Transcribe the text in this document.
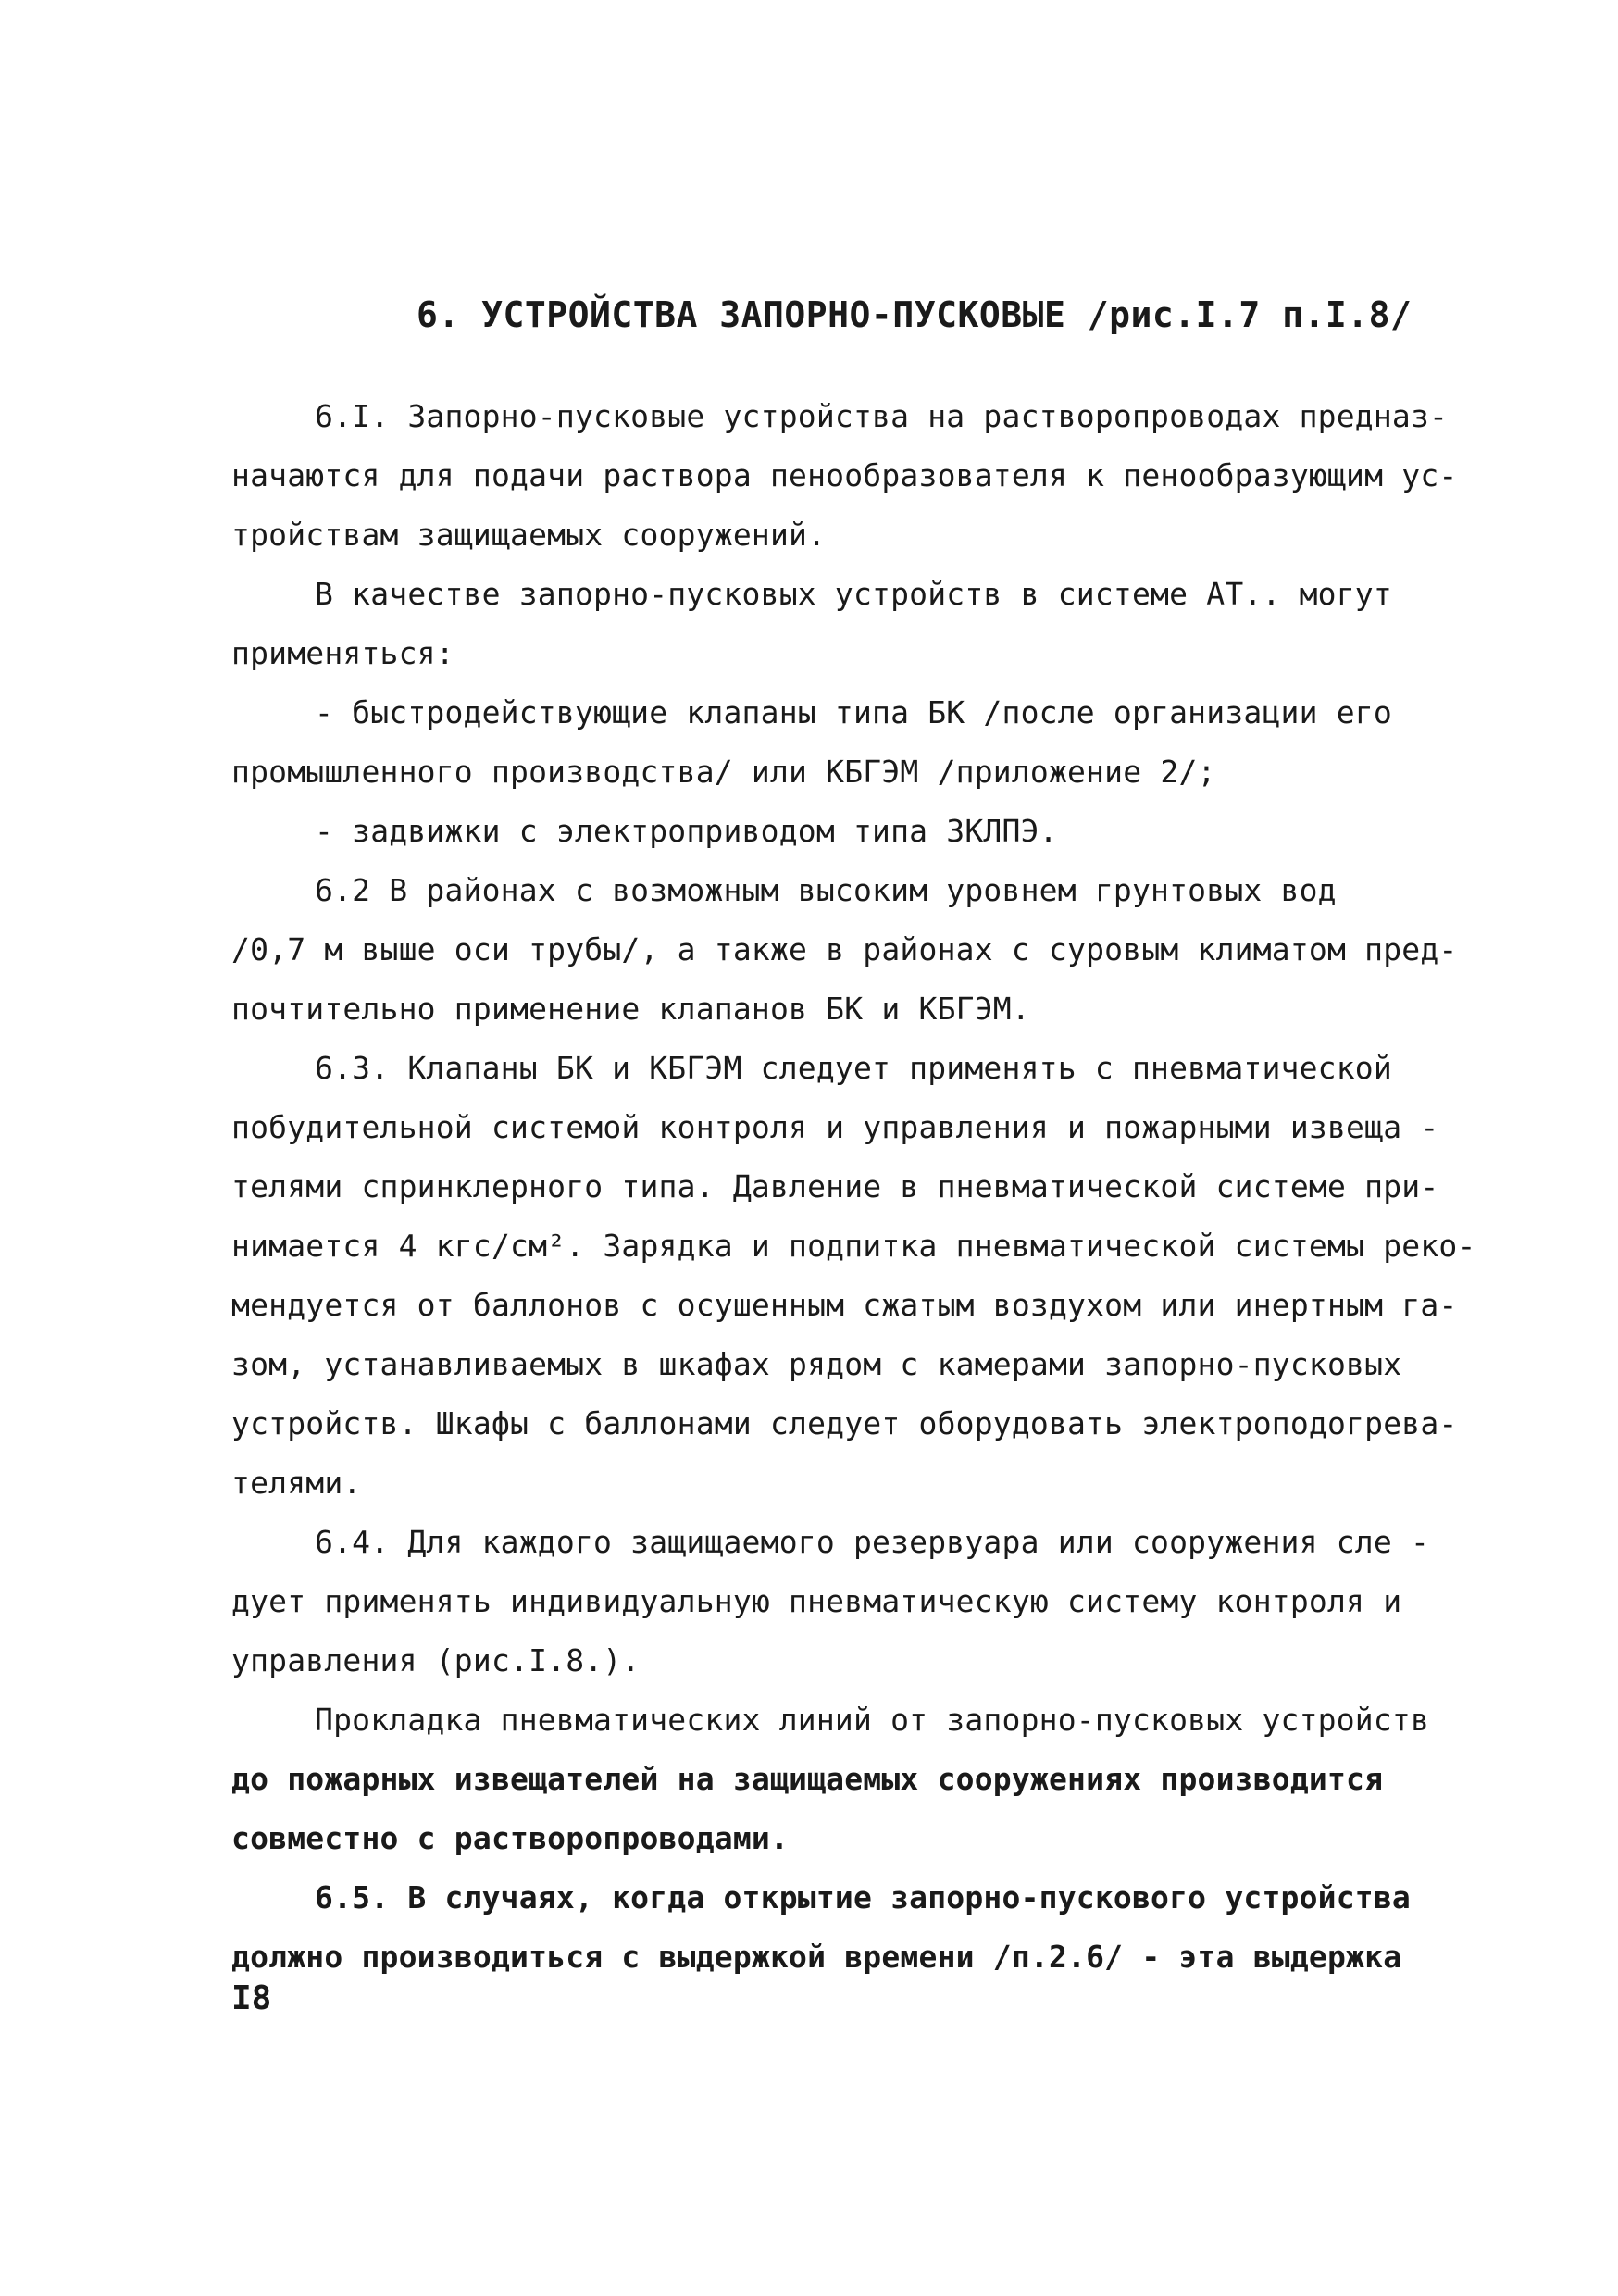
6. УСТРОЙСТВА ЗАПОРНО-ПУСКОВЫЕ /рис.I.7 п.I.8/
6.I. Запорно-пусковые устройства на растворопроводах предназ-
начаются для подачи раствора пенообразователя к пенообразующим ус-
тройствам защищаемых сооружений.
В качестве запорно-пусковых устройств в системе АТ.. могут
применяться:
- быстродействующие клапаны типа БК /после организации его
промышленного производства/ или КБГЭМ /приложение 2/;
- задвижки с электроприводом типа ЗКЛПЭ.
6.2 В районах с возможным высоким уровнем грунтовых вод
/0,7 м выше оси трубы/, а также в районах с суровым климатом пред-
почтительно применение клапанов БК и КБГЭМ.
6.3. Клапаны БК и КБГЭМ следует применять с пневматической
побудительной системой контроля и управления и пожарными извеща -
телями спринклерного типа. Давление в пневматической системе при-
нимается 4 кгс/см². Зарядка и подпитка пневматической системы реко-
мендуется от баллонов с осушенным сжатым воздухом или инертным га-
зом, устанавливаемых в шкафах рядом с камерами запорно-пусковых
устройств. Шкафы с баллонами следует оборудовать электроподогрева-
телями.
6.4. Для каждого защищаемого резервуара или сооружения сле -
дует применять индивидуальную пневматическую систему контроля и
управления (рис.I.8.).
Прокладка пневматических линий от запорно-пусковых устройств
до пожарных извещателей на защищаемых сооружениях производится
совместно с растворопроводами.
6.5. В случаях, когда открытие запорно-пускового устройства
должно производиться с выдержкой времени /п.2.6/ - эта выдержка
I8
